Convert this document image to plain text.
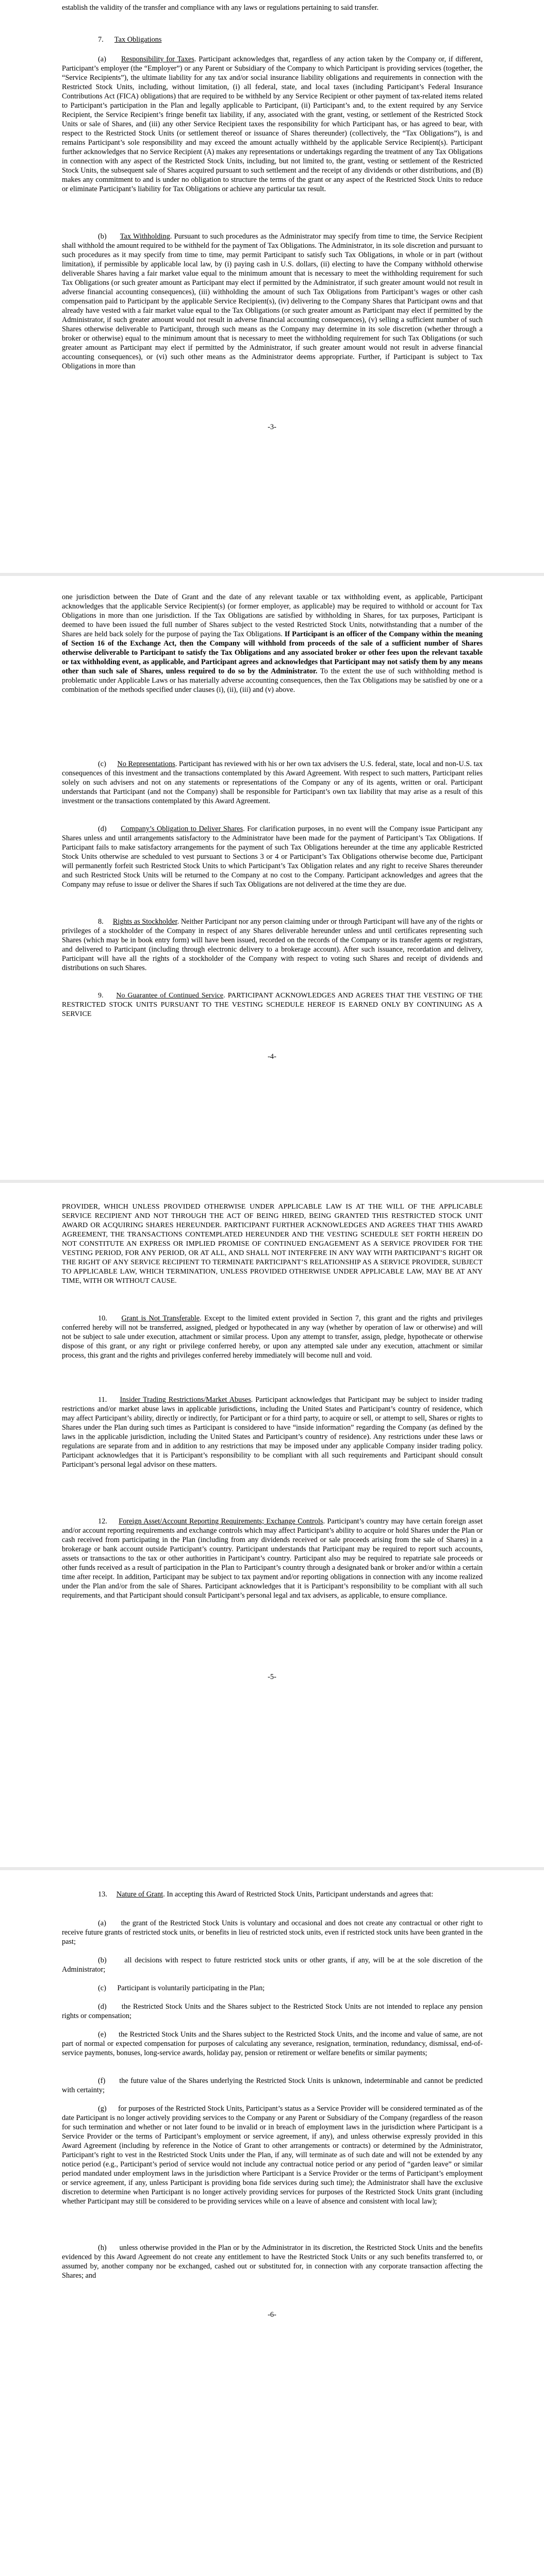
establish the validity of the transfer and compliance with any laws or regulations pertaining to said transfer.

7. Tax Obligations

(a) Responsibility for Taxes. Participant acknowledges that, regardless of any action taken by the Company or, if different, Participant’s employer (the “Employer”) or any Parent or Subsidiary of the Company to which Participant is providing services (together, the “Service Recipients”), the ultimate liability for any tax and/or social insurance liability obligations and requirements in connection with the Restricted Stock Units, including, without limitation, (i) all federal, state, and local taxes (including Participant’s Federal Insurance Contributions Act (FICA) obligations) that are required to be withheld by any Service Recipient or other payment of tax-related items related to Participant’s participation in the Plan and legally applicable to Participant, (ii) Participant’s and, to the extent required by any Service Recipient, the Service Recipient’s fringe benefit tax liability, if any, associated with the grant, vesting, or settlement of the Restricted Stock Units or sale of Shares, and (iii) any other Service Recipient taxes the responsibility for which Participant has, or has agreed to bear, with respect to the Restricted Stock Units (or settlement thereof or issuance of Shares thereunder) (collectively, the “Tax Obligations”), is and remains Participant’s sole responsibility and may exceed the amount actually withheld by the applicable Service Recipient(s). Participant further acknowledges that no Service Recipient (A) makes any representations or undertakings regarding the treatment of any Tax Obligations in connection with any aspect of the Restricted Stock Units, including, but not limited to, the grant, vesting or settlement of the Restricted Stock Units, the subsequent sale of Shares acquired pursuant to such settlement and the receipt of any dividends or other distributions, and (B) makes any commitment to and is under no obligation to structure the terms of the grant or any aspect of the Restricted Stock Units to reduce or eliminate Participant’s liability for Tax Obligations or achieve any particular tax result.

(b) Tax Withholding. Pursuant to such procedures as the Administrator may specify from time to time, the Service Recipient shall withhold the amount required to be withheld for the payment of Tax Obligations. The Administrator, in its sole discretion and pursuant to such procedures as it may specify from time to time, may permit Participant to satisfy such Tax Obligations, in whole or in part (without limitation), if permissible by applicable local law, by (i) paying cash in U.S. dollars, (ii) electing to have the Company withhold otherwise deliverable Shares having a fair market value equal to the minimum amount that is necessary to meet the withholding requirement for such Tax Obligations (or such greater amount as Participant may elect if permitted by the Administrator, if such greater amount would not result in adverse financial accounting consequences), (iii) withholding the amount of such Tax Obligations from Participant’s wages or other cash compensation paid to Participant by the applicable Service Recipient(s), (iv) delivering to the Company Shares that Participant owns and that already have vested with a fair market value equal to the Tax Obligations (or such greater amount as Participant may elect if permitted by the Administrator, if such greater amount would not result in adverse financial accounting consequences), (v) selling a sufficient number of such Shares otherwise deliverable to Participant, through such means as the Company may determine in its sole discretion (whether through a broker or otherwise) equal to the minimum amount that is necessary to meet the withholding requirement for such Tax Obligations (or such greater amount as Participant may elect if permitted by the Administrator, if such greater amount would not result in adverse financial accounting consequences), or (vi) such other means as the Administrator deems appropriate. Further, if Participant is subject to Tax Obligations in more than

-3-

one jurisdiction between the Date of Grant and the date of any relevant taxable or tax withholding event, as applicable, Participant acknowledges that the applicable Service Recipient(s) (or former employer, as applicable) may be required to withhold or account for Tax Obligations in more than one jurisdiction. If the Tax Obligations are satisfied by withholding in Shares, for tax purposes, Participant is deemed to have been issued the full number of Shares subject to the vested Restricted Stock Units, notwithstanding that a number of the Shares are held back solely for the purpose of paying the Tax Obligations. If Participant is an officer of the Company within the meaning of Section 16 of the Exchange Act, then the Company will withhold from proceeds of the sale of a sufficient number of Shares otherwise deliverable to Participant to satisfy the Tax Obligations and any associated broker or other fees upon the relevant taxable or tax withholding event, as applicable, and Participant agrees and acknowledges that Participant may not satisfy them by any means other than such sale of Shares, unless required to do so by the Administrator. To the extent the use of such withholding method is problematic under Applicable Laws or has materially adverse accounting consequences, then the Tax Obligations may be satisfied by one or a combination of the methods specified under clauses (i), (ii), (iii) and (v) above.

(c) No Representations. Participant has reviewed with his or her own tax advisers the U.S. federal, state, local and non-U.S. tax consequences of this investment and the transactions contemplated by this Award Agreement. With respect to such matters, Participant relies solely on such advisers and not on any statements or representations of the Company or any of its agents, written or oral. Participant understands that Participant (and not the Company) shall be responsible for Participant’s own tax liability that may arise as a result of this investment or the transactions contemplated by this Award Agreement.

(d) Company’s Obligation to Deliver Shares. For clarification purposes, in no event will the Company issue Participant any Shares unless and until arrangements satisfactory to the Administrator have been made for the payment of Participant’s Tax Obligations. If Participant fails to make satisfactory arrangements for the payment of such Tax Obligations hereunder at the time any applicable Restricted Stock Units otherwise are scheduled to vest pursuant to Sections 3 or 4 or Participant’s Tax Obligations otherwise become due, Participant will permanently forfeit such Restricted Stock Units to which Participant’s Tax Obligation relates and any right to receive Shares thereunder and such Restricted Stock Units will be returned to the Company at no cost to the Company. Participant acknowledges and agrees that the Company may refuse to issue or deliver the Shares if such Tax Obligations are not delivered at the time they are due.

8. Rights as Stockholder. Neither Participant nor any person claiming under or through Participant will have any of the rights or privileges of a stockholder of the Company in respect of any Shares deliverable hereunder unless and until certificates representing such Shares (which may be in book entry form) will have been issued, recorded on the records of the Company or its transfer agents or registrars, and delivered to Participant (including through electronic delivery to a brokerage account). After such issuance, recordation and delivery, Participant will have all the rights of a stockholder of the Company with respect to voting such Shares and receipt of dividends and distributions on such Shares.

9. No Guarantee of Continued Service. PARTICIPANT ACKNOWLEDGES AND AGREES THAT THE VESTING OF THE RESTRICTED STOCK UNITS PURSUANT TO THE VESTING SCHEDULE HEREOF IS EARNED ONLY BY CONTINUING AS A SERVICE

-4-

PROVIDER, WHICH UNLESS PROVIDED OTHERWISE UNDER APPLICABLE LAW IS AT THE WILL OF THE APPLICABLE SERVICE RECIPIENT AND NOT THROUGH THE ACT OF BEING HIRED, BEING GRANTED THIS RESTRICTED STOCK UNIT AWARD OR ACQUIRING SHARES HEREUNDER. PARTICIPANT FURTHER ACKNOWLEDGES AND AGREES THAT THIS AWARD AGREEMENT, THE TRANSACTIONS CONTEMPLATED HEREUNDER AND THE VESTING SCHEDULE SET FORTH HEREIN DO NOT CONSTITUTE AN EXPRESS OR IMPLIED PROMISE OF CONTINUED ENGAGEMENT AS A SERVICE PROVIDER FOR THE VESTING PERIOD, FOR ANY PERIOD, OR AT ALL, AND SHALL NOT INTERFERE IN ANY WAY WITH PARTICIPANT’S RIGHT OR THE RIGHT OF ANY SERVICE RECIPIENT TO TERMINATE PARTICIPANT’S RELATIONSHIP AS A SERVICE PROVIDER, SUBJECT TO APPLICABLE LAW, WHICH TERMINATION, UNLESS PROVIDED OTHERWISE UNDER APPLICABLE LAW, MAY BE AT ANY TIME, WITH OR WITHOUT CAUSE.

10. Grant is Not Transferable. Except to the limited extent provided in Section 7, this grant and the rights and privileges conferred hereby will not be transferred, assigned, pledged or hypothecated in any way (whether by operation of law or otherwise) and will not be subject to sale under execution, attachment or similar process. Upon any attempt to transfer, assign, pledge, hypothecate or otherwise dispose of this grant, or any right or privilege conferred hereby, or upon any attempted sale under any execution, attachment or similar process, this grant and the rights and privileges conferred hereby immediately will become null and void.

11. Insider Trading Restrictions/Market Abuses. Participant acknowledges that Participant may be subject to insider trading restrictions and/or market abuse laws in applicable jurisdictions, including the United States and Participant’s country of residence, which may affect Participant’s ability, directly or indirectly, for Participant or for a third party, to acquire or sell, or attempt to sell, Shares or rights to Shares under the Plan during such times as Participant is considered to have “inside information” regarding the Company (as defined by the laws in the applicable jurisdiction, including the United States and Participant’s country of residence). Any restrictions under these laws or regulations are separate from and in addition to any restrictions that may be imposed under any applicable Company insider trading policy. Participant acknowledges that it is Participant’s responsibility to be compliant with all such requirements and Participant should consult Participant’s personal legal advisor on these matters.

12. Foreign Asset/Account Reporting Requirements; Exchange Controls. Participant’s country may have certain foreign asset and/or account reporting requirements and exchange controls which may affect Participant’s ability to acquire or hold Shares under the Plan or cash received from participating in the Plan (including from any dividends received or sale proceeds arising from the sale of Shares) in a brokerage or bank account outside Participant’s country. Participant understands that Participant may be required to report such accounts, assets or transactions to the tax or other authorities in Participant’s country. Participant also may be required to repatriate sale proceeds or other funds received as a result of participation in the Plan to Participant’s country through a designated bank or broker and/or within a certain time after receipt. In addition, Participant may be subject to tax payment and/or reporting obligations in connection with any income realized under the Plan and/or from the sale of Shares. Participant acknowledges that it is Participant’s responsibility to be compliant with all such requirements, and that Participant should consult Participant’s personal legal and tax advisers, as applicable, to ensure compliance.

-5-

13. Nature of Grant. In accepting this Award of Restricted Stock Units, Participant understands and agrees that:

(a) the grant of the Restricted Stock Units is voluntary and occasional and does not create any contractual or other right to receive future grants of restricted stock units, or benefits in lieu of restricted stock units, even if restricted stock units have been granted in the past;

(b) all decisions with respect to future restricted stock units or other grants, if any, will be at the sole discretion of the Administrator;

(c) Participant is voluntarily participating in the Plan;

(d) the Restricted Stock Units and the Shares subject to the Restricted Stock Units are not intended to replace any pension rights or compensation;

(e) the Restricted Stock Units and the Shares subject to the Restricted Stock Units, and the income and value of same, are not part of normal or expected compensation for purposes of calculating any severance, resignation, termination, redundancy, dismissal, end-of-service payments, bonuses, long-service awards, holiday pay, pension or retirement or welfare benefits or similar payments;

(f) the future value of the Shares underlying the Restricted Stock Units is unknown, indeterminable and cannot be predicted with certainty;

(g) for purposes of the Restricted Stock Units, Participant’s status as a Service Provider will be considered terminated as of the date Participant is no longer actively providing services to the Company or any Parent or Subsidiary of the Company (regardless of the reason for such termination and whether or not later found to be invalid or in breach of employment laws in the jurisdiction where Participant is a Service Provider or the terms of Participant’s employment or service agreement, if any), and unless otherwise expressly provided in this Award Agreement (including by reference in the Notice of Grant to other arrangements or contracts) or determined by the Administrator, Participant’s right to vest in the Restricted Stock Units under the Plan, if any, will terminate as of such date and will not be extended by any notice period (e.g., Participant’s period of service would not include any contractual notice period or any period of “garden leave” or similar period mandated under employment laws in the jurisdiction where Participant is a Service Provider or the terms of Participant’s employment or service agreement, if any, unless Participant is providing bona fide services during such time); the Administrator shall have the exclusive discretion to determine when Participant is no longer actively providing services for purposes of the Restricted Stock Units grant (including whether Participant may still be considered to be providing services while on a leave of absence and consistent with local law);

(h) unless otherwise provided in the Plan or by the Administrator in its discretion, the Restricted Stock Units and the benefits evidenced by this Award Agreement do not create any entitlement to have the Restricted Stock Units or any such benefits transferred to, or assumed by, another company nor be exchanged, cashed out or substituted for, in connection with any corporate transaction affecting the Shares; and

-6-
